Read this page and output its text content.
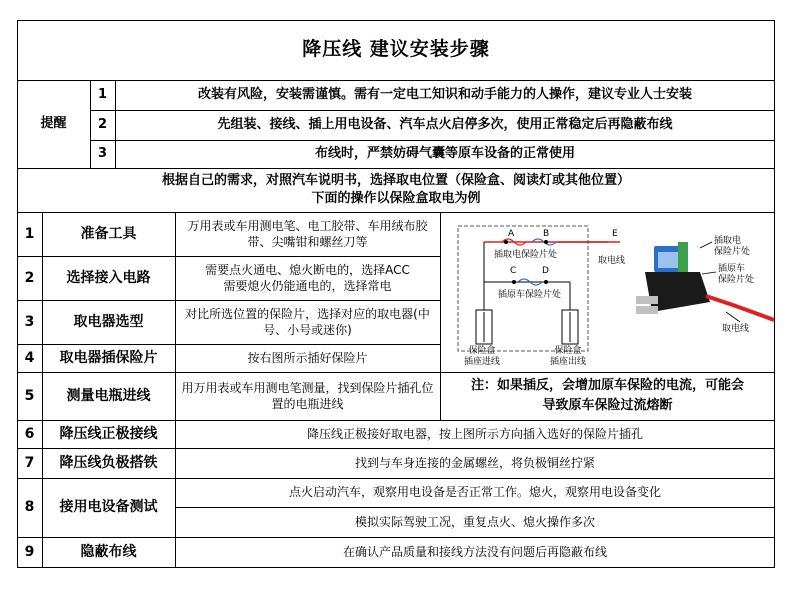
降压线 建议安装步骤
提醒
1	改装有风险，安装需谨慎。需有一定电工知识和动手能力的人操作，建议专业人士安装
2	先组装、接线、插上用电设备、汽车点火启停多次，使用正常稳定后再隐蔽布线
3	布线时，严禁妨碍气囊等原车设备的正常使用
根据自己的需求，对照汽车说明书，选择取电位置（保险盒、阅读灯或其他位置）
下面的操作以保险盒取电为例
1	准备工具	万用表或车用测电笔、电工胶带、车用绒布胶带、尖嘴钳和螺丝刀等
2	选择接入电路	需要点火通电、熄火断电的，选择ACC
需要熄火仍能通电的，选择常电
3	取电器选型	对比所选位置的保险片，选择对应的取电器(中号、小号或迷你)
4	取电器插保险片	按右图所示插好保险片
5	测量电瓶进线	用万用表或车用测电笔测量，找到保险片插孔位置的电瓶进线
注：如果插反，会增加原车保险的电流，可能会
导致原车保险过流熔断
6	降压线正极接线	降压线正极接好取电器，按上图所示方向插入选好的保险片插孔
7	降压线负极搭铁	找到与车身连接的金属螺丝，将负极铜丝拧紧
8	接用电设备测试
点火启动汽车，观察用电设备是否正常工作。熄火，观察用电设备变化
模拟实际驾驶工况，重复点火、熄火操作多次
9	隐蔽布线	在确认产品质量和接线方法没有问题后再隐蔽布线
A	B	E
插取电保险片处
C	D
插原车保险片处
取电线
保险盒
插座进线
保险盒
插座出线
插取电
保险片处
插原车
保险片处
取电线
